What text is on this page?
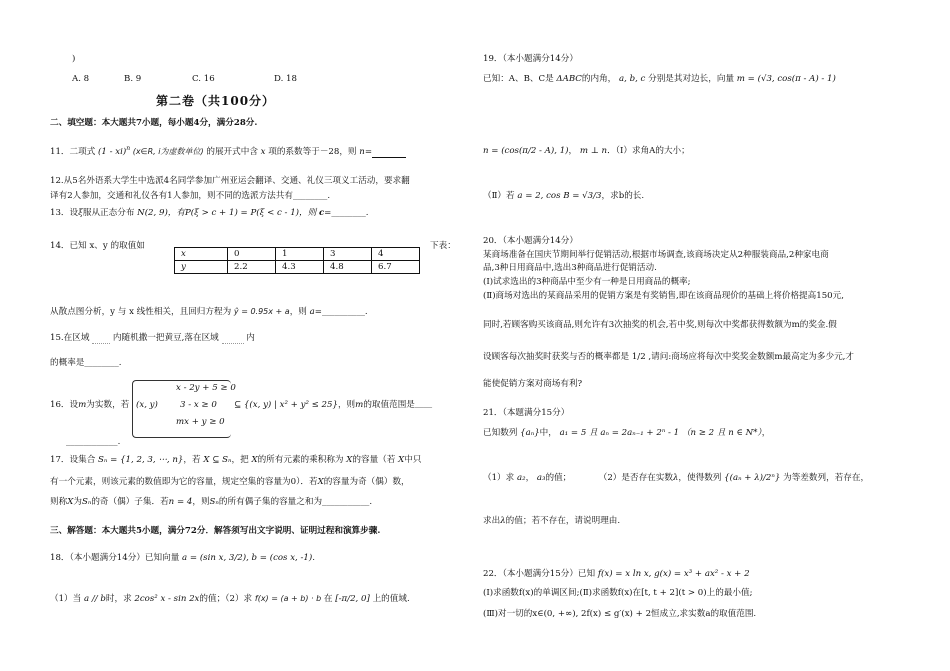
)
A. 8	B. 9	C. 16	D. 18
第二卷（共100分）
二、填空题：本大题共7小题，每小题4分，满分28分.
11．二项式 (1 - xi)$^n$ (x∈R, i为虚数单位) 的展开式中含 x 项的系数等于－28，则 n=
12.从5名外语系大学生中选派4名同学参加广州亚运会翻译、交通、礼仪三项义工活动，要求翻
译有2人参加，交通和礼仪各有1人参加，则不同的选派方法共有________.
13．设ξ服从正态分布 N(2, 9)，有P(ξ > c + 1) = P(ξ < c - 1)，则 c=________.
14．已知 x、y 的取值如	下表：
x	0	1	3	4
y	2.2	4.3	4.8	6.7
从散点图分析，y 与 x 线性相关，且回归方程为 ŷ = 0.95x + a，则 a=__________.
15.在区域	内随机撒一把黄豆,落在区域	内
的概率是________.
16．设m为实数，若 (x, y)
x - 2y + 5 ≥ 0
3 - x ≥ 0
mx + y ≥ 0
⊆ {(x, y) | x² + y² ≤ 25}，则m的取值范围是＿＿
____________.
17．设集合 Sₙ = {1, 2, 3, ⋯, n}，若 X ⊆ Sₙ，把 X的所有元素的乘积称为 X的容量（若 X中只
有一个元素，则该元素的数值即为它的容量，规定空集的容量为0）．若X的容量为奇（偶）数，
则称X为Sₙ的奇（偶）子集．若n = 4，则Sₙ的所有偶子集的容量之和为___________.
三、解答题：本大题共5小题，满分72分．解答须写出文字说明、证明过程和演算步骤.
18．（本小题满分14分）已知向量 a = (sin x, 3/2), b = (cos x, -1).
（1）当 a // b时，求 2cos² x - sin 2x的值；（2）求 f(x) = (a + b) · b 在 [-π/2, 0] 上的值域.
19．（本小题满分14分）
已知：A、B、C是 ΔABC的内角， a, b, c 分别是其对边长，向量 m = (√3, cos(π - A) - 1)
n = (cos(π/2 - A), 1)， m ⊥ n．（Ⅰ）求角A的大小；
（Ⅱ）若 a = 2, cos B = √3/3，求b的长.
20．（本小题满分14分）
某商场准备在国庆节期间举行促销活动,根据市场调查,该商场决定从2种服装商品,2种家电商
品,3种日用商品中,选出3种商品进行促销活动.
(Ⅰ)试求选出的3种商品中至少有一种是日用商品的概率;
(Ⅱ)商场对选出的某商品采用的促销方案是有奖销售,即在该商品现价的基础上将价格提高150元,
同时,若顾客购买该商品,则允许有3次抽奖的机会,若中奖,则每次中奖都获得数额为m的奖金.假
设顾客每次抽奖时获奖与否的概率都是 1/2 ,请问:商场应将每次中奖奖金数额m最高定为多少元,才
能使促销方案对商场有利?
21．（本题满分15分）
已知数列 {aₙ}中， a₁ = 5 且 aₙ = 2aₙ₋₁ + 2ⁿ - 1 （n ≥ 2 且 n ∈ N*），
（1）求 a₂， a₃的值；	（2）是否存在实数λ，使得数列 {(aₙ + λ)/2ⁿ} 为等差数列，若存在，
求出λ的值；若不存在，请说明理由.
22．（本小题满分15分）已知 f(x) = x ln x, g(x) = x³ + ax² - x + 2
(Ⅰ)求函数f(x)的单调区间;(Ⅱ)求函数f(x)在[t, t + 2](t > 0)上的最小值;
(Ⅲ)对一切的x∈(0, +∞), 2f(x) ≤ g′(x) + 2恒成立,求实数a的取值范围.
